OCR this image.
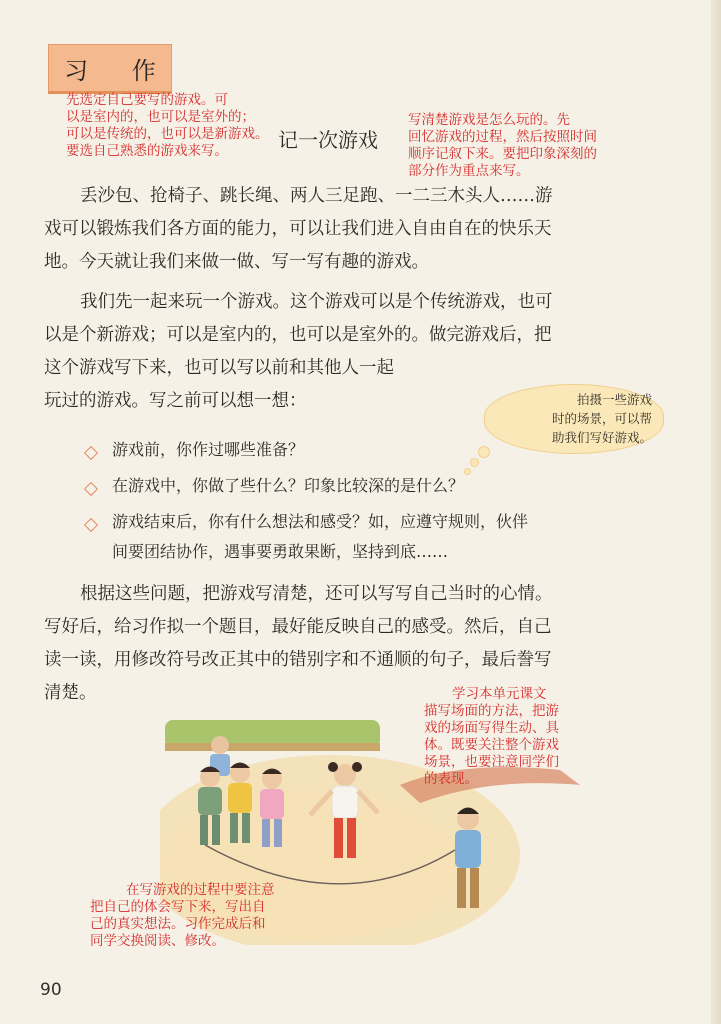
习 作
先选定自己要写的游戏。可
以是室内的，也可以是室外的；
可以是传统的，也可以是新游戏。
要选自己熟悉的游戏来写。	记一次游戏
写清楚游戏是怎么玩的。先
回忆游戏的过程，然后按照时间
顺序记叙下来。要把印象深刻的
部分作为重点来写。
丢沙包、抢椅子、跳长绳、两人三足跑、一二三木头人……游
戏可以锻炼我们各方面的能力，可以让我们进入自由自在的快乐天
地。今天就让我们来做一做、写一写有趣的游戏。
我们先一起来玩一个游戏。这个游戏可以是个传统游戏，也可
以是个新游戏；可以是室内的，也可以是室外的。做完游戏后，把
这个游戏写下来，也可以写以前和其他人一起
玩过的游戏。写之前可以想一想：	拍摄一些游戏
时的场景，可以帮
助我们写好游戏。
游戏前，你作过哪些准备？
在游戏中，你做了些什么？印象比较深的是什么？
游戏结束后，你有什么想法和感受？如，应遵守规则，伙伴
间要团结协作，遇事要勇敢果断，坚持到底……
根据这些问题，把游戏写清楚，还可以写写自己当时的心情。
写好后，给习作拟一个题目，最好能反映自己的感受。然后，自己
读一读，用修改符号改正其中的错别字和不通顺的句子，最后誊写
清楚。	学习本单元课文
描写场面的方法，把游
戏的场面写得生动、具
体。既要关注整个游戏
场景，也要注意同学们
的表现。
在写游戏的过程中要注意
把自己的体会写下来，写出自
己的真实想法。习作完成后和
同学交换阅读、修改。
90
